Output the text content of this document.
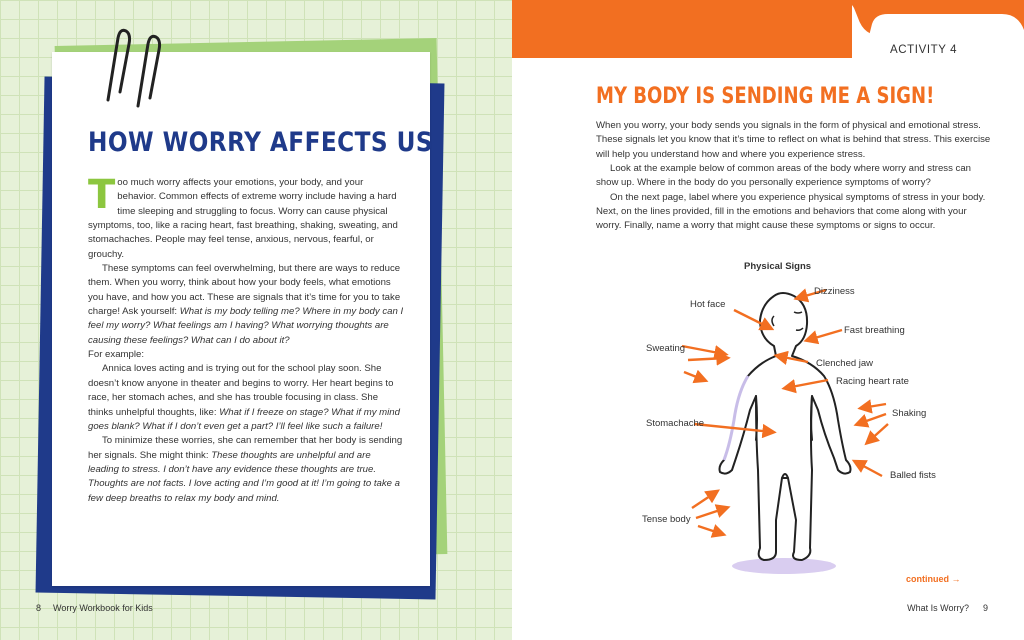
HOW WORRY AFFECTS US

Too much worry affects your emotions, your body, and your behavior. Common effects of extreme worry include having a hard time sleeping and struggling to focus. Worry can cause physical symptoms, too, like a racing heart, fast breathing, shaking, sweating, and stomachaches. People may feel tense, anxious, nervous, fearful, or grouchy.

These symptoms can feel overwhelming, but there are ways to reduce them. When you worry, think about how your body feels, what emotions you have, and how you act. These are signals that it’s time for you to take charge! Ask yourself: What is my body telling me? Where in my body can I feel my worry? What feelings am I having? What worrying thoughts are causing these feelings? What can I do about it?

For example:

Annica loves acting and is trying out for the school play soon. She doesn’t know anyone in theater and begins to worry. Her heart begins to race, her stomach aches, and she has trouble focusing in class. She thinks unhelpful thoughts, like: What if I freeze on stage? What if my mind goes blank? What if I don’t even get a part? I’ll feel like such a failure!

To minimize these worries, she can remember that her body is sending her signals. She might think: These thoughts are unhelpful and are leading to stress. I don’t have any evidence these thoughts are true. Thoughts are not facts. I love acting and I’m good at it! I’m going to take a few deep breaths to relax my body and mind.

8 Worry Workbook for Kids
ACTIVITY 4
MY BODY IS SENDING ME A SIGN!

When you worry, your body sends you signals in the form of physical and emotional stress. These signals let you know that it’s time to reflect on what is behind that stress. This exercise will help you understand how and where you experience stress.

Look at the example below of common areas of the body where worry and stress can show up. Where in the body do you personally experience symptoms of worry?

On the next page, label where you experience physical symptoms of stress in your body. Next, on the lines provided, fill in the emotions and behaviors that come along with your worry. Finally, name a worry that might cause these symptoms or signs to occur.

Physical Signs
Dizziness
Hot face
Fast breathing
Sweating
Clenched jaw
Racing heart rate
Shaking
Stomachache
Balled fists
Tense body
continued →
What Is Worry? 9
